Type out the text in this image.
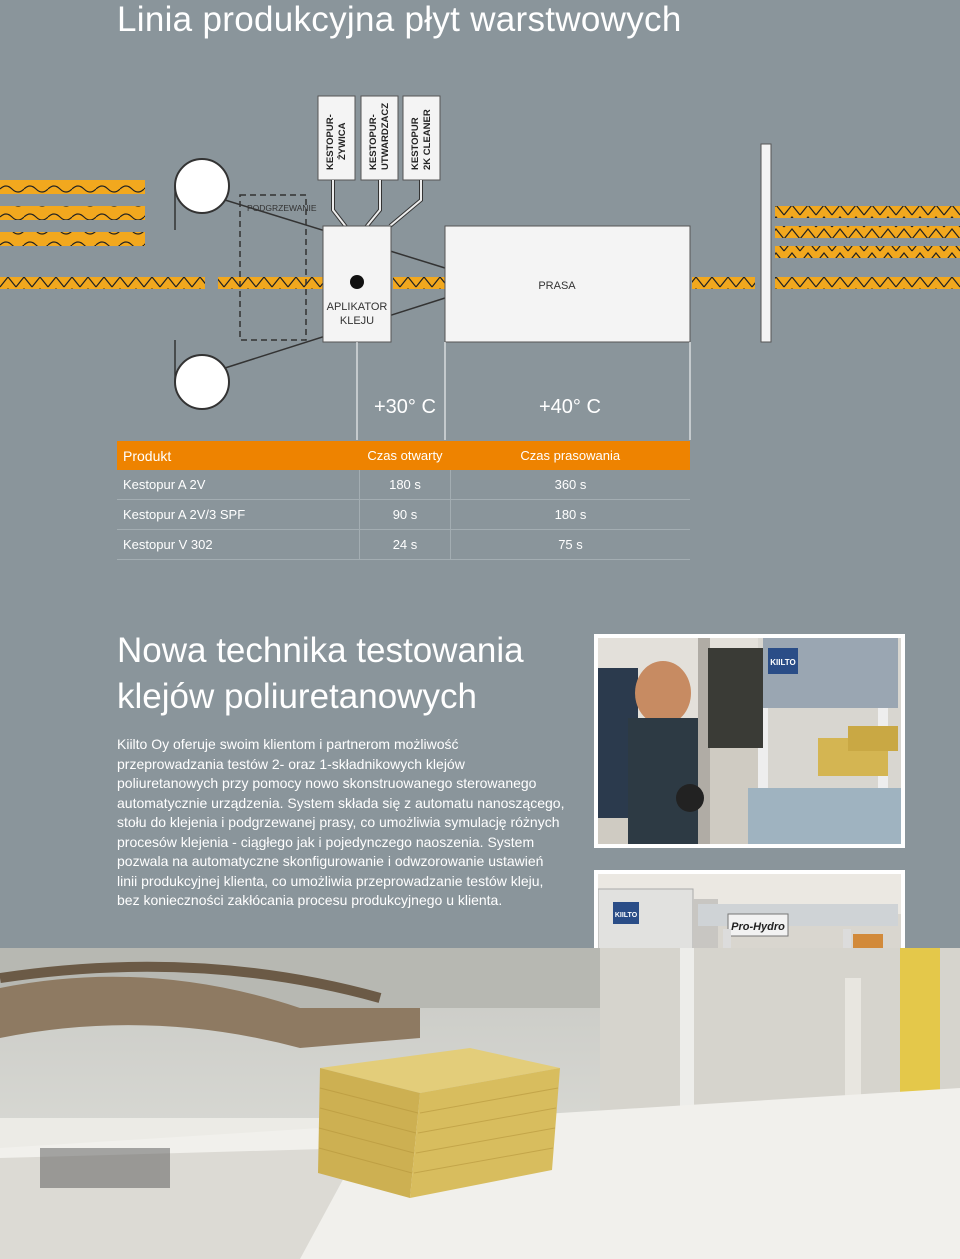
Linia produkcyjna płyt warstwowych
PODGRZEWANIE
KESTOPUR- ŻYWICA KESTOPUR- UTWARDZACZ KESTOPUR 2K CLEANER
APLIKATOR
KLEJU
PRASA
+30° C	+40° C
Produkt	Czas otwarty	Czas prasowania
Kestopur A 2V	180 s	360 s
Kestopur A 2V/3 SPF	90 s	180 s
Kestopur V 302	24 s	75 s
Nowa technika testowania
klejów poliuretanowych
Kiilto Oy oferuje swoim klientom i partnerom możliwość przeprowadzania testów 2- oraz 1-składnikowych klejów poliuretanowych przy pomocy nowo skonstruowanego sterowanego automatycznie urządzenia. System składa się z automatu nanoszącego, stołu do klejenia i podgrzewanej prasy, co umożliwia symulację różnych procesów klejenia - ciągłego jak i pojedynczego naoszenia. System pozwala na automatyczne skonfigurowanie i odwzorowanie ustawień linii produkcyjnej klienta, co umożliwia przeprowadzanie testów kleju, bez konieczności zakłócania procesu produkcyjnego u klienta.
KIILTO
KIILTO
Pro-Hydro
